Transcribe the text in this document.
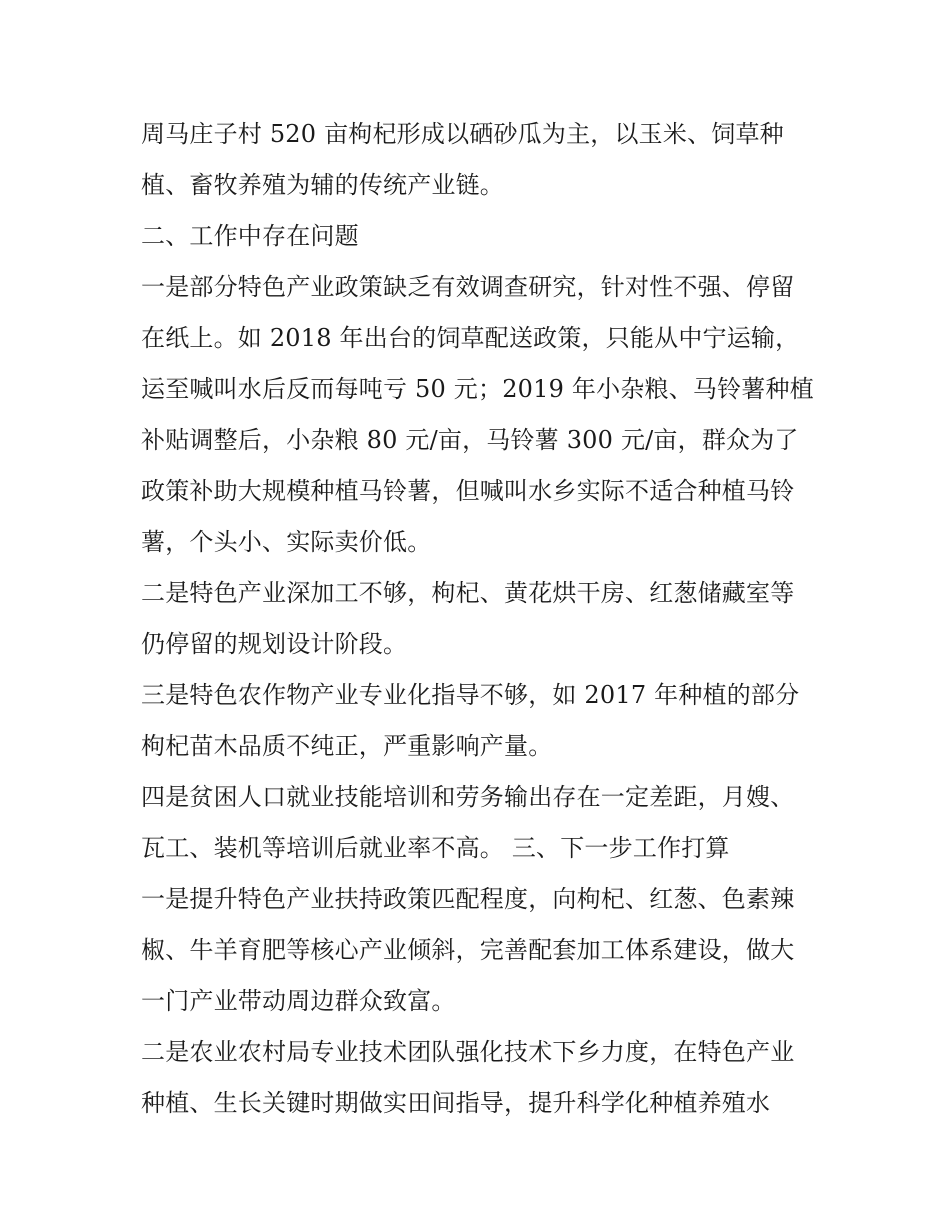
周马庄子村 520 亩枸杞形成以硒砂瓜为主，以玉米、饲草种
植、畜牧养殖为辅的传统产业链。
二、工作中存在问题
一是部分特色产业政策缺乏有效调查研究，针对性不强、停留
在纸上。如 2018 年出台的饲草配送政策，只能从中宁运输，
运至喊叫水后反而每吨亏 50 元；2019 年小杂粮、马铃薯种植
补贴调整后，小杂粮 80 元/亩，马铃薯 300 元/亩，群众为了
政策补助大规模种植马铃薯，但喊叫水乡实际不适合种植马铃
薯，个头小、实际卖价低。
二是特色产业深加工不够，枸杞、黄花烘干房、红葱储藏室等
仍停留的规划设计阶段。
三是特色农作物产业专业化指导不够，如 2017 年种植的部分
枸杞苗木品质不纯正，严重影响产量。
四是贫困人口就业技能培训和劳务输出存在一定差距，月嫂、
瓦工、装机等培训后就业率不高。 三、下一步工作打算
一是提升特色产业扶持政策匹配程度，向枸杞、红葱、色素辣
椒、牛羊育肥等核心产业倾斜，完善配套加工体系建设，做大
一门产业带动周边群众致富。
二是农业农村局专业技术团队强化技术下乡力度，在特色产业
种植、生长关键时期做实田间指导，提升科学化种植养殖水
